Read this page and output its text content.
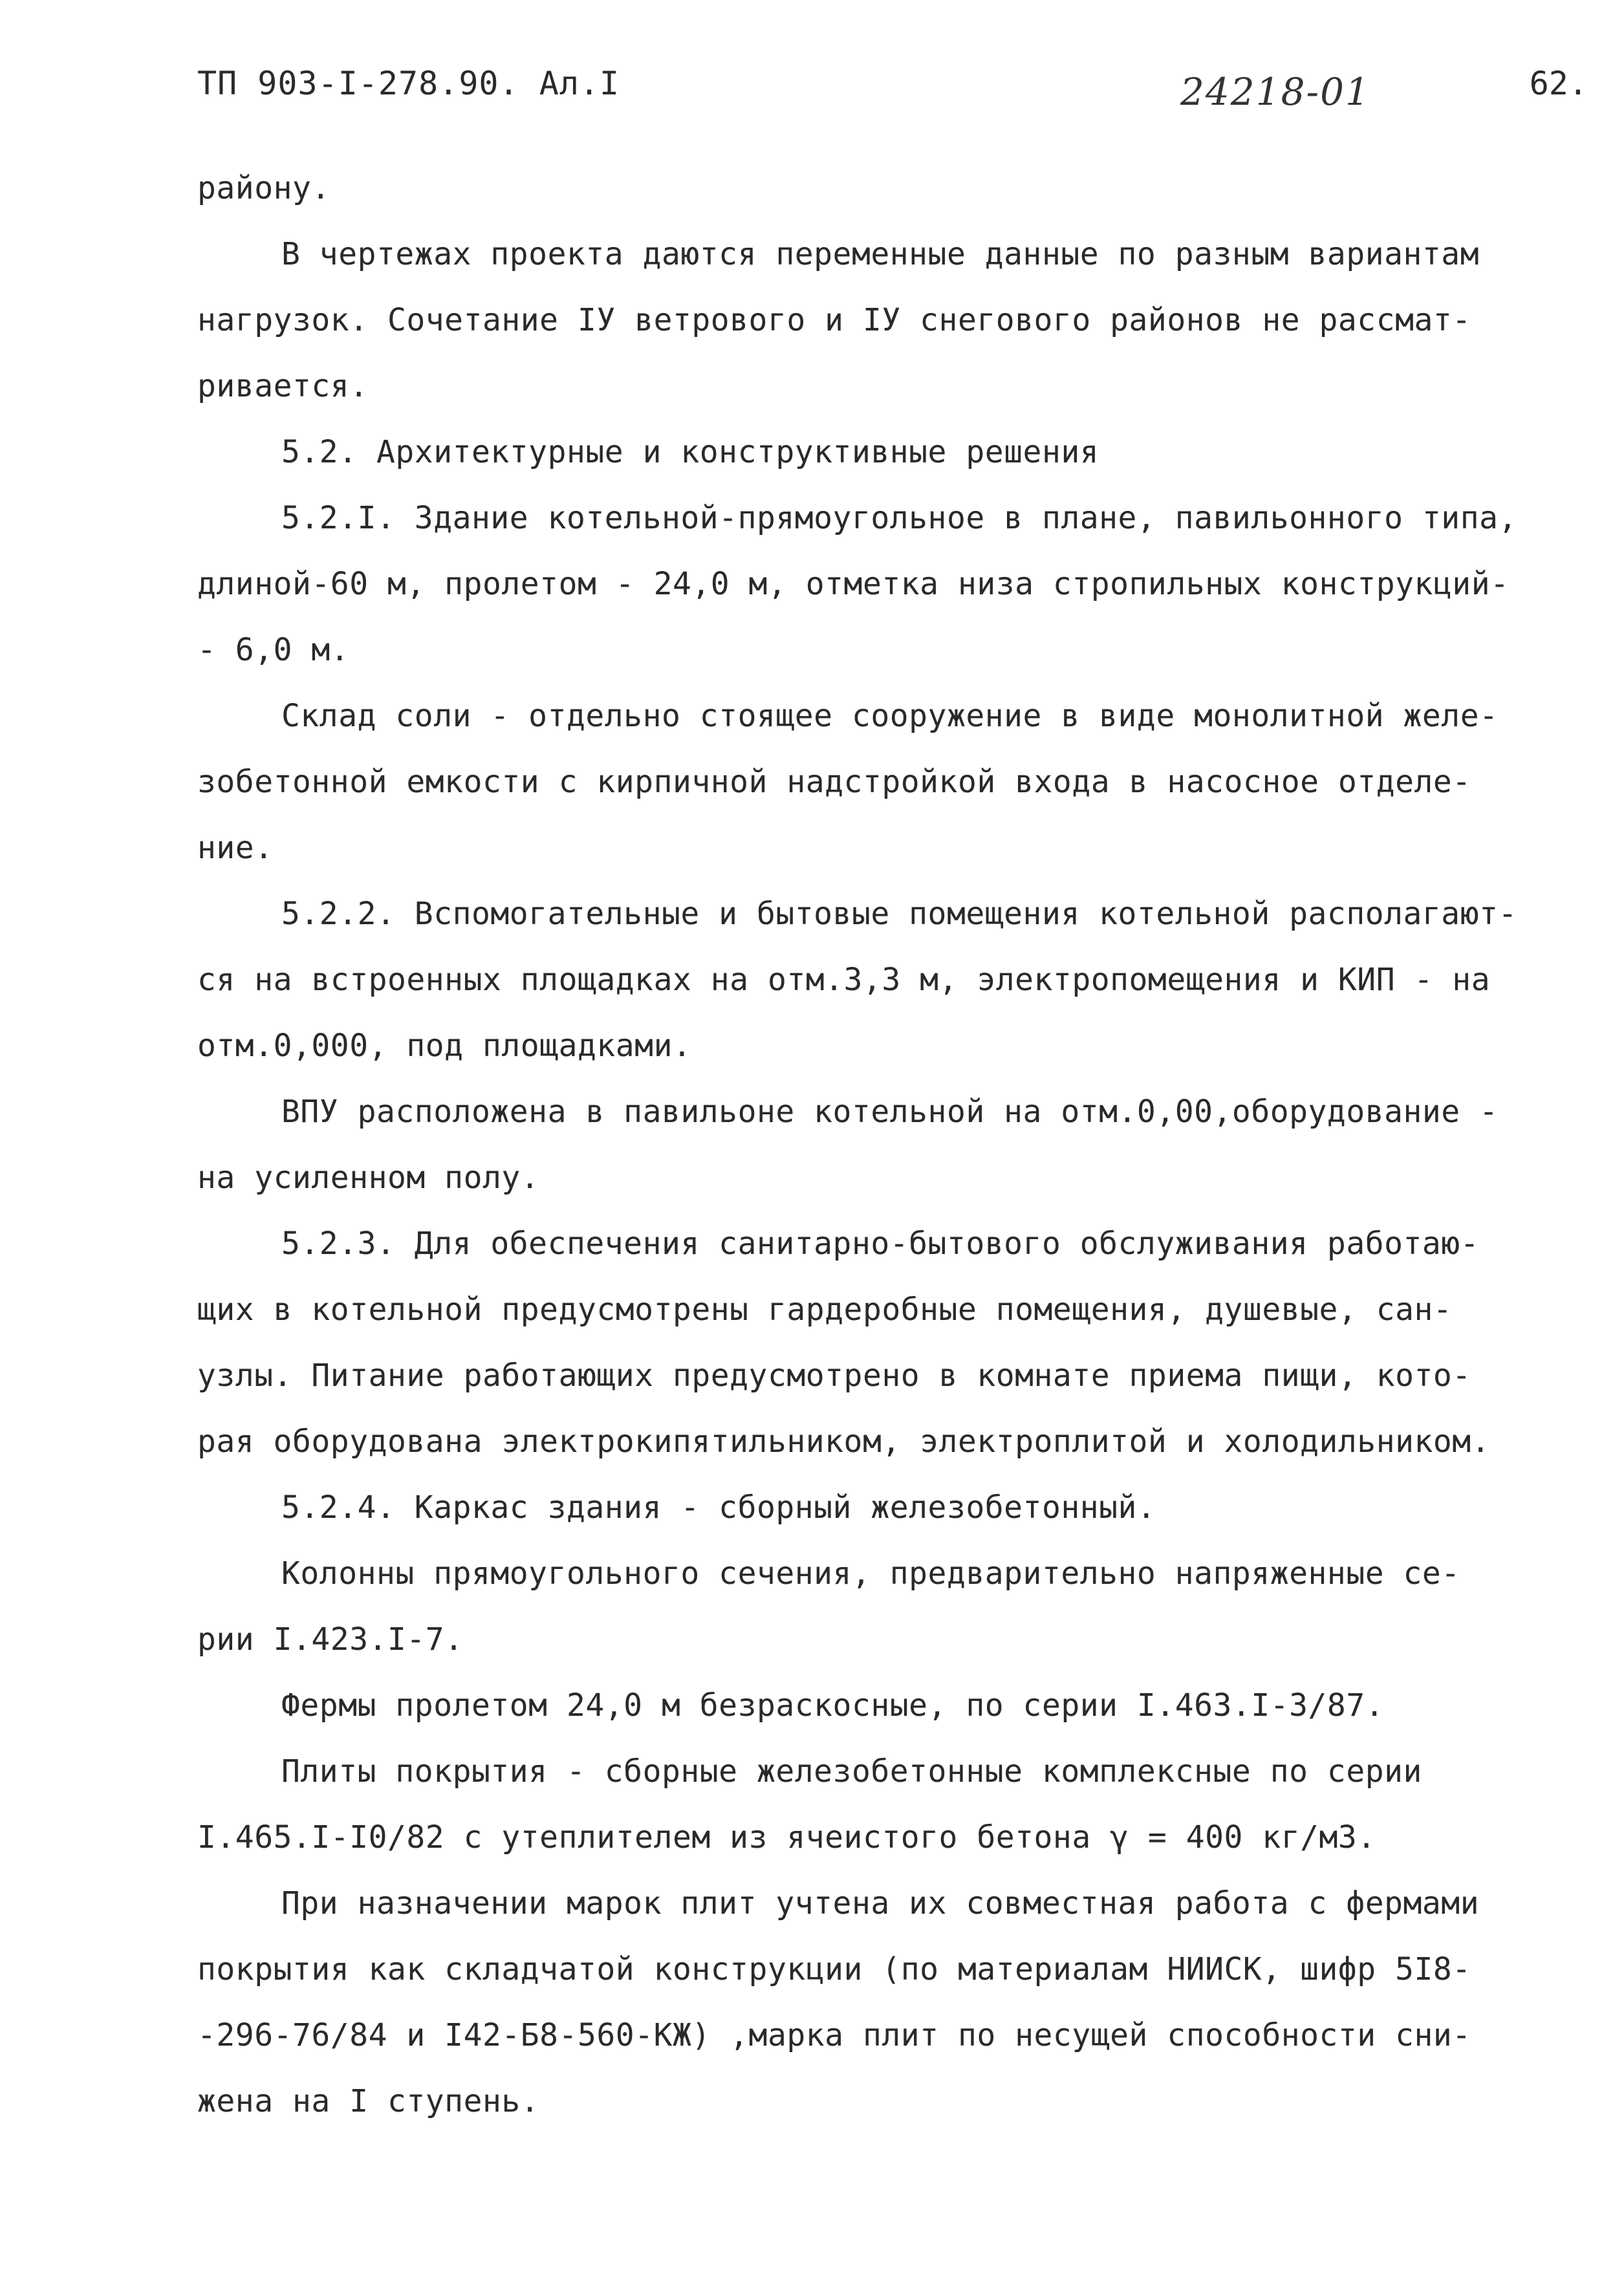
ТП 903-I-278.90. Ал.I	24218-01	62.
району.
В чертежах проекта даются переменные данные по разным вариантам
нагрузок. Сочетание IУ ветрового и IУ снегового районов не рассмат-
ривается.
5.2. Архитектурные и конструктивные решения
5.2.I. Здание котельной-прямоугольное в плане, павильонного типа,
длиной-60 м, пролетом - 24,0 м, отметка низа стропильных конструкций-
- 6,0 м.
Склад соли - отдельно стоящее сооружение в виде монолитной желе-
зобетонной емкости с кирпичной надстройкой входа в насосное отделе-
ние.
5.2.2. Вспомогательные и бытовые помещения котельной располагают-
ся на встроенных площадках на отм.3,3 м, электропомещения и КИП - на
отм.0,000, под площадками.
ВПУ расположена в павильоне котельной на отм.0,00,оборудование -
на усиленном полу.
5.2.3. Для обеспечения санитарно-бытового обслуживания работаю-
щих в котельной предусмотрены гардеробные помещения, душевые, сан-
узлы. Питание работающих предусмотрено в комнате приема пищи, кото-
рая оборудована электрокипятильником, электроплитой и холодильником.
5.2.4. Каркас здания - сборный железобетонный.
Колонны прямоугольного сечения, предварительно напряженные се-
рии I.423.I-7.
Фермы пролетом 24,0 м безраскосные, по серии I.463.I-3/87.
Плиты покрытия - сборные железобетонные комплексные по серии
I.465.I-I0/82 с утеплителем из ячеистого бетона γ = 400 кг/м3.
При назначении марок плит учтена их совместная работа с фермами
покрытия как складчатой конструкции (по материалам НИИСК, шифр 5I8-
-296-76/84 и I42-Б8-560-КЖ) ,марка плит по несущей способности сни-
жена на I ступень.
